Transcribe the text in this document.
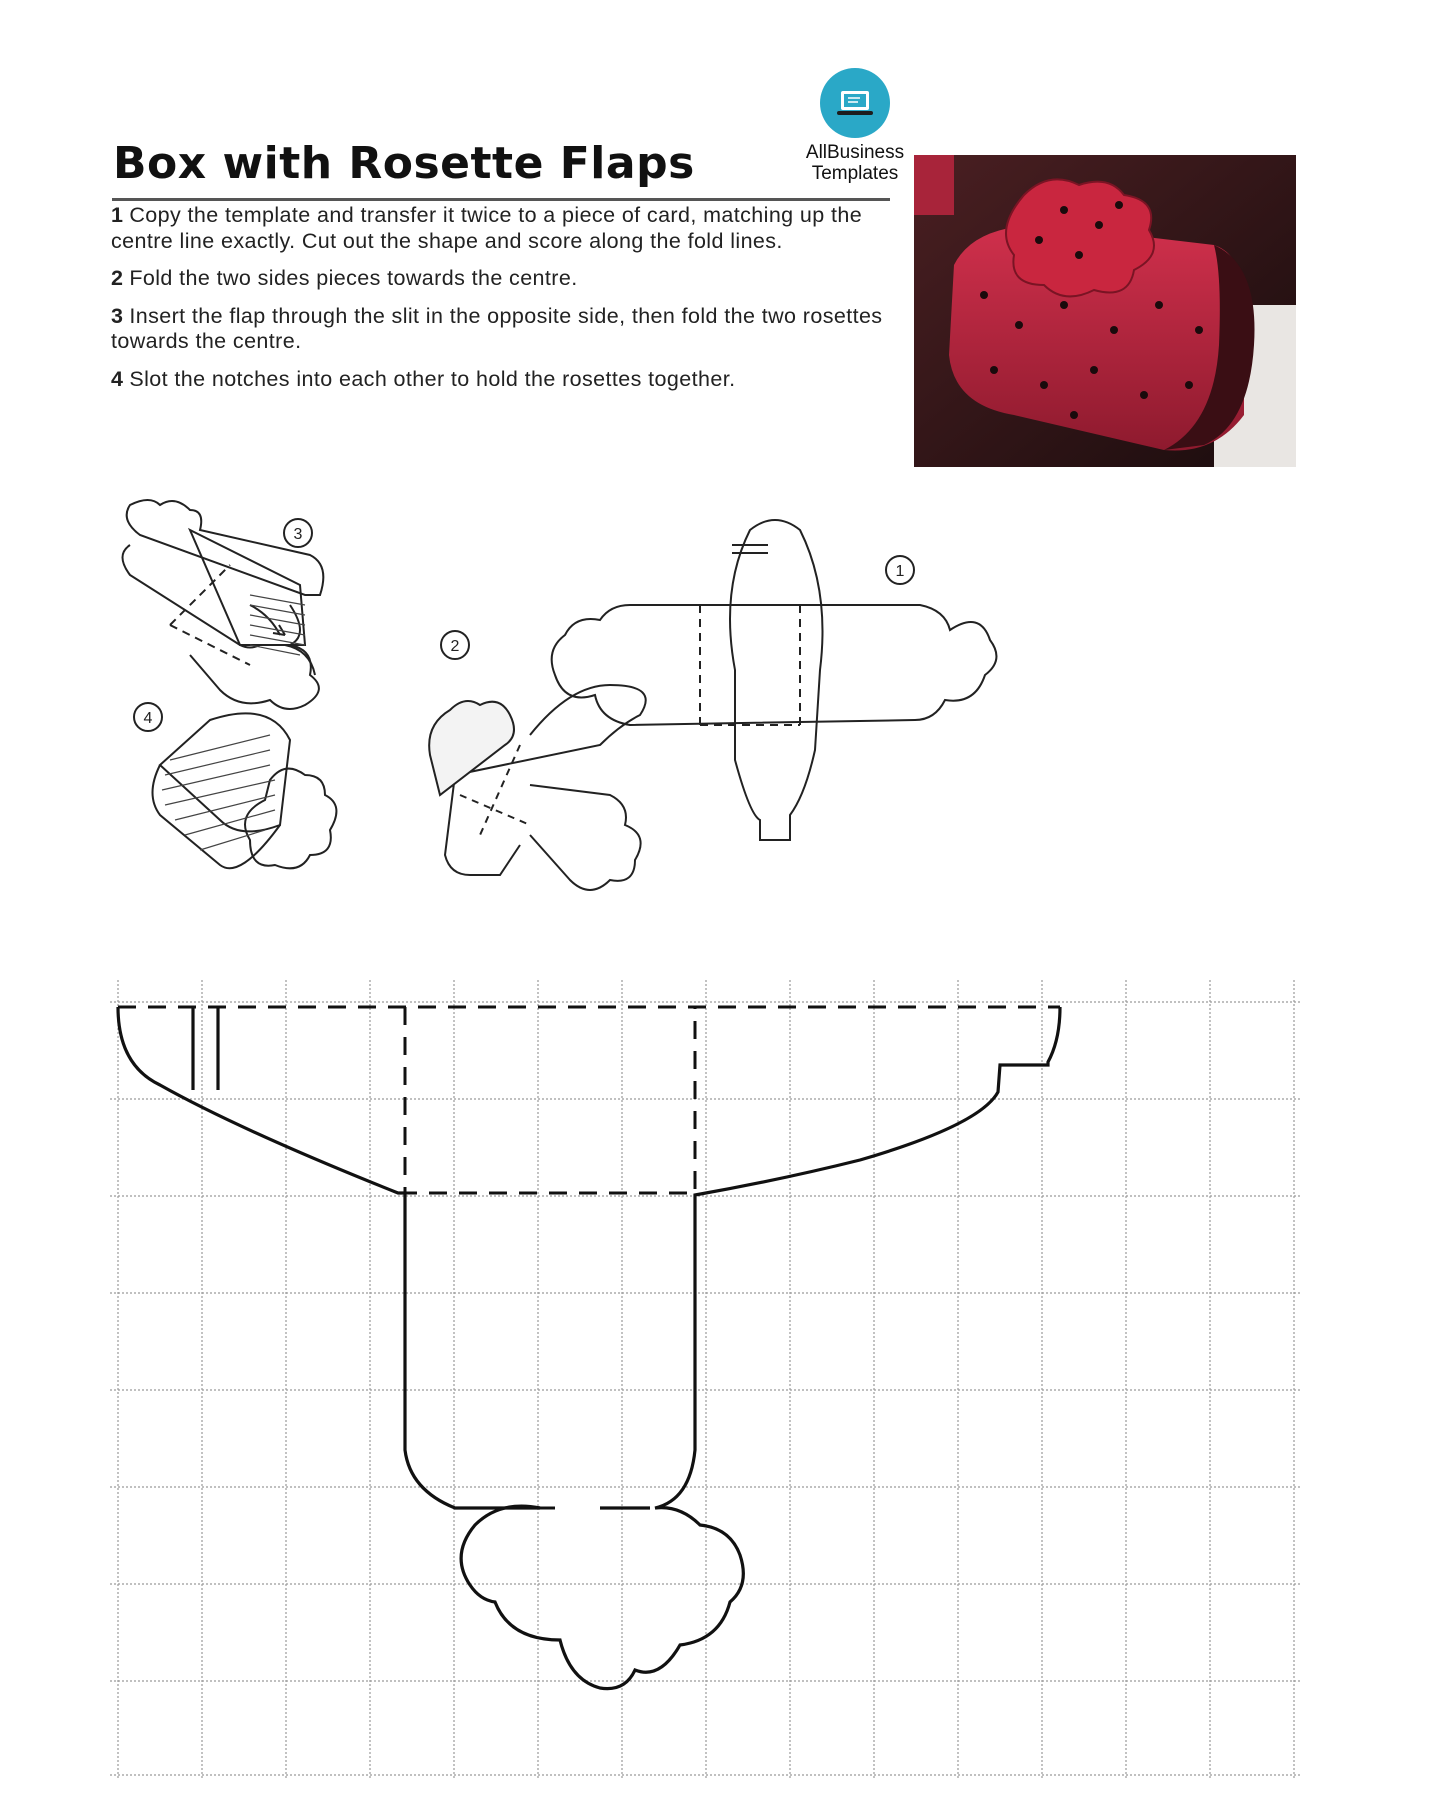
AllBusiness
Templates
Box with Rosette Flaps

1 Copy the template and transfer it twice to a piece of card, matching up the centre line exactly. Cut out the shape and score along the fold lines.

2 Fold the two sides pieces towards the centre.

3 Insert the flap through the slit in the opposite side, then fold the two rosettes towards the centre.

4 Slot the notches into each other to hold the rosettes together.

3
4
2
1
